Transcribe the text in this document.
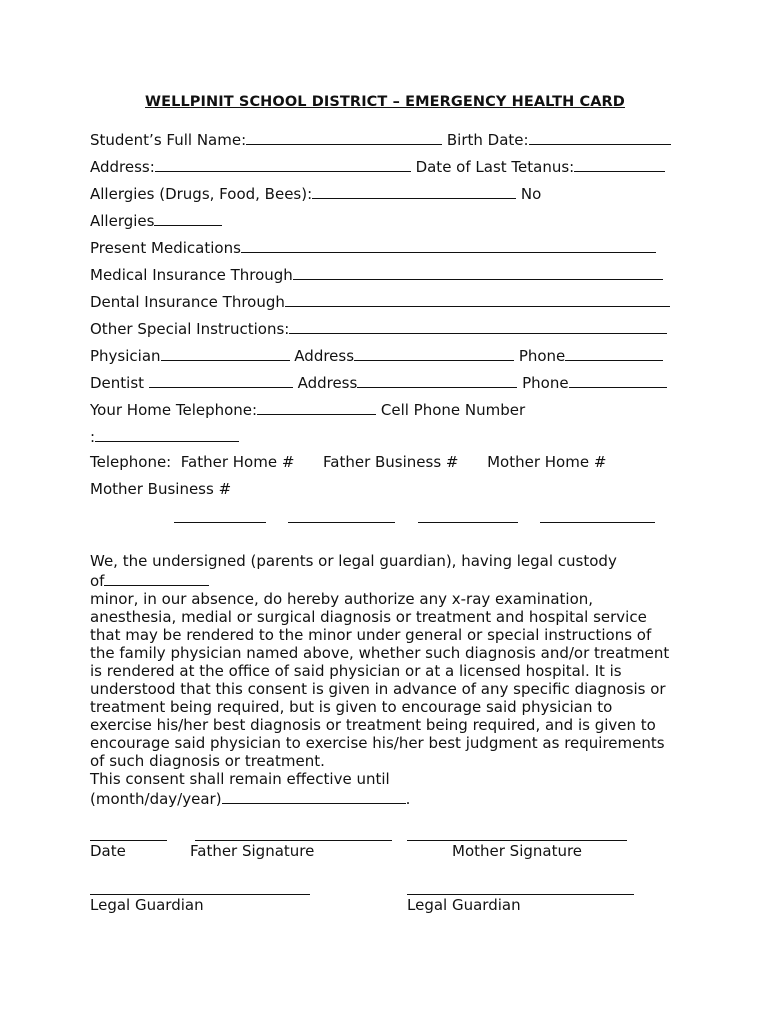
WELLPINIT SCHOOL DISTRICT – EMERGENCY HEALTH CARD
Student’s Full Name:	Birth Date:
Address:	Date of Last Tetanus:
Allergies (Drugs, Food, Bees):	No
Allergies
Present Medications
Medical Insurance Through
Dental Insurance Through
Other Special Instructions:
Physician	Address	Phone
Dentist	Address	Phone
Your Home Telephone:	Cell Phone Number
:
Telephone:  Father Home #      Father Business #      Mother Home #
Mother Business #
We, the undersigned (parents or legal guardian), having legal custody
of
minor, in our absence, do hereby authorize any x-ray examination,
anesthesia, medial or surgical diagnosis or treatment and hospital service
that may be rendered to the minor under general or special instructions of
the family physician named above, whether such diagnosis and/or treatment
is rendered at the office of said physician or at a licensed hospital. It is
understood that this consent is given in advance of any specific diagnosis or
treatment being required, but is given to encourage said physician to
exercise his/her best diagnosis or treatment being required, and is given to
encourage said physician to exercise his/her best judgment as requirements
of such diagnosis or treatment.
This consent shall remain effective until
(month/day/year)	.
Date	Father Signature	Mother Signature
Legal Guardian	Legal Guardian
